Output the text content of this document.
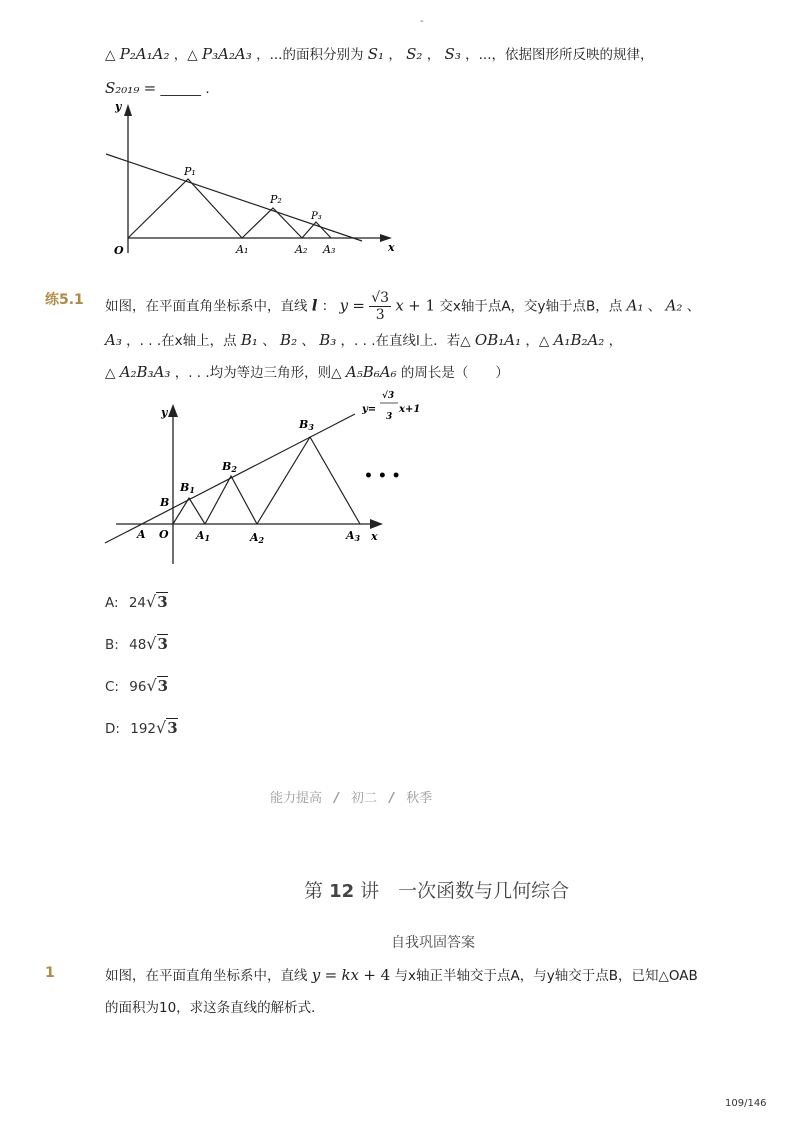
-
△ P₂A₁A₂ ，△ P₃A₂A₃ ，...的面积分别为 S₁ ， S₂ ， S₃ ，...，依据图形所反映的规律，
S₂₀₁₉ = ______ .
y
x
O
P₁
P₂
P₃
A₁	A₂ A₃
练5.1 如图，在平面直角坐标系中，直线 l ： $y = \frac{√3}{3}$ x + 1 交x轴于点A，交y轴于点B，点 A₁ 、 A₂ 、
A₃ ，. . .在x轴上，点 B₁ 、 B₂ 、 B₃ ，. . .在直线l上．若△ OB₁A₁ ，△ A₁B₂A₂ ，
△ A₂B₃A₃ ，. . .均为等边三角形，则△ A₅B₆A₆ 的周长是（　　）
y
x
O
A
B
B1
B2
B3
A1	A2	A3
y=
√3
3
x+1
• • •
A: 24√3
B: 48√3
C: 96√3
D: 192√3
能力提高 / 初二 / 秋季
第 12 讲　一次函数与几何综合
自我巩固答案
1	如图，在平面直角坐标系中，直线 y = kx + 4 与x轴正半轴交于点A，与y轴交于点B，已知△OAB
的面积为10，求这条直线的解析式．
109/146
